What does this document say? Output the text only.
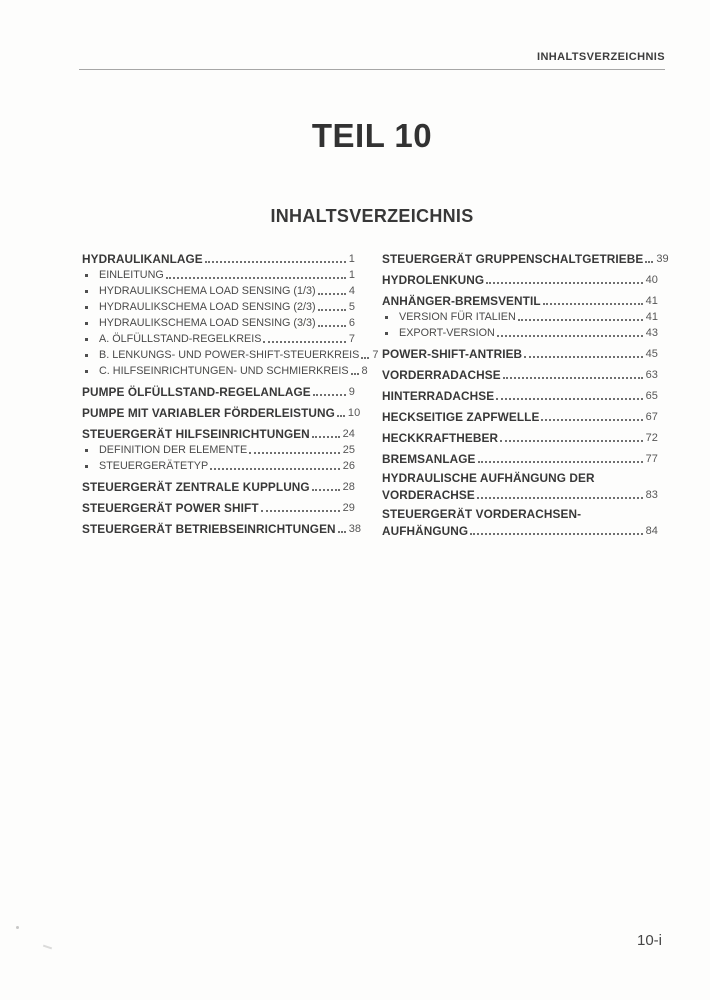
INHALTSVERZEICHNIS
TEIL 10
INHALTSVERZEICHNIS
HYDRAULIKANLAGE	1
EINLEITUNG	1
HYDRAULIKSCHEMA LOAD SENSING (1/3)	4
HYDRAULIKSCHEMA LOAD SENSING (2/3)	5
HYDRAULIKSCHEMA LOAD SENSING (3/3)	6
A. ÖLFÜLLSTAND-REGELKREIS	7
B. LENKUNGS- UND POWER-SHIFT-STEUERKREIS 7
C. HILFSEINRICHTUNGEN- UND SCHMIERKREIS 8
PUMPE ÖLFÜLLSTAND-REGELANLAGE	9
PUMPE MIT VARIABLER FÖRDERLEISTUNG 10
STEUERGERÄT HILFSEINRICHTUNGEN	24
DEFINITION DER ELEMENTE	25
STEUERGERÄTETYP	26
STEUERGERÄT ZENTRALE KUPPLUNG	28
STEUERGERÄT POWER SHIFT	29
STEUERGERÄT BETRIEBSEINRICHTUNGEN 38
STEUERGERÄT GRUPPENSCHALTGETRIEBE 39
HYDROLENKUNG	40
ANHÄNGER-BREMSVENTIL	41
VERSION FÜR ITALIEN	41
EXPORT-VERSION	43
POWER-SHIFT-ANTRIEB	45
VORDERRADACHSE	63
HINTERRADACHSE	65
HECKSEITIGE ZAPFWELLE	67
HECKKRAFTHEBER	72
BREMSANLAGE	77
HYDRAULISCHE AUFHÄNGUNG DER
VORDERACHSE	83
STEUERGERÄT VORDERACHSEN-
AUFHÄNGUNG	84
10-i
